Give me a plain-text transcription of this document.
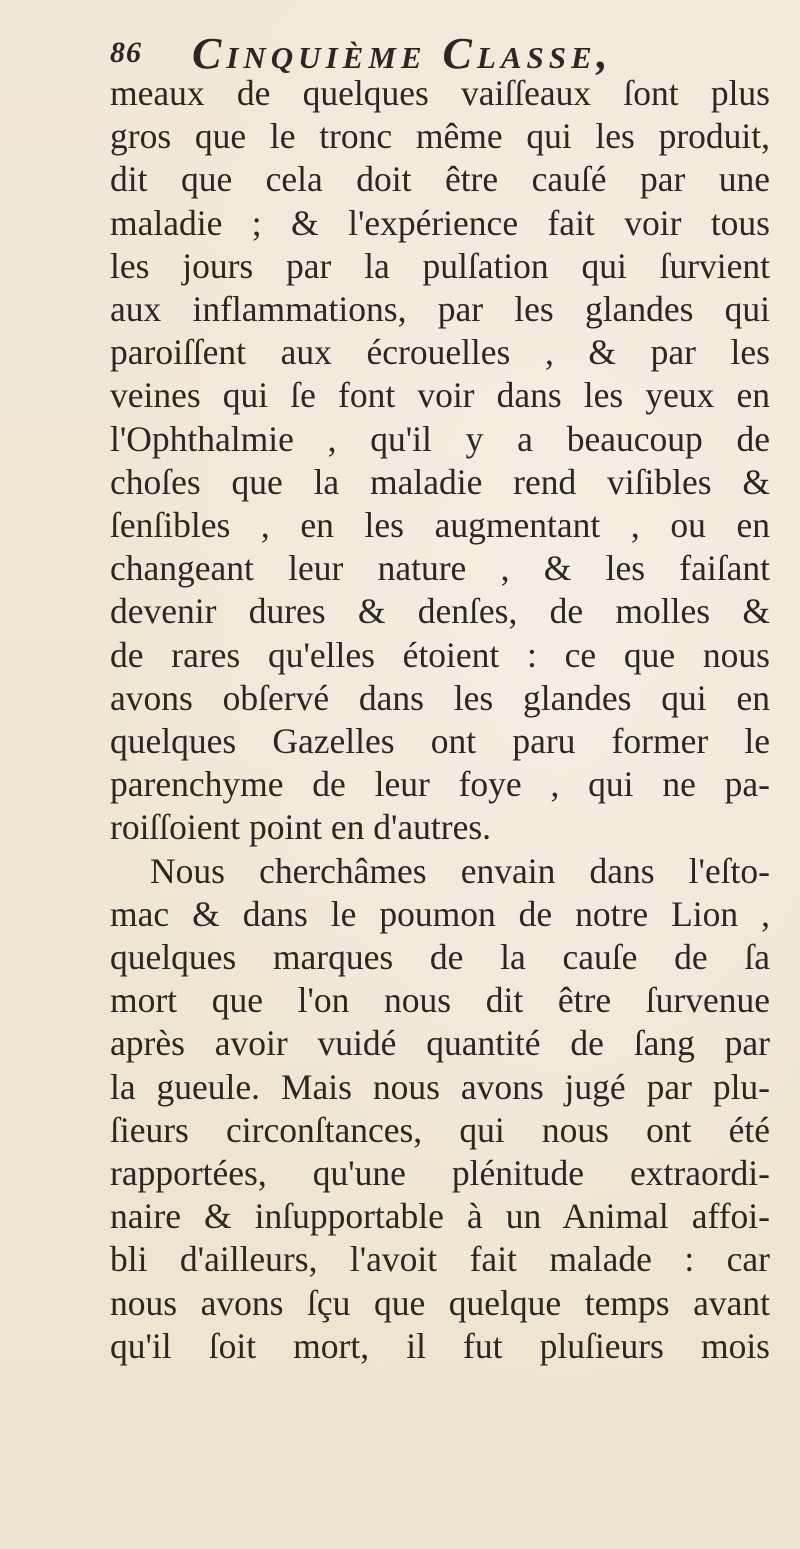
86 Cinquième Classe,
meaux de quelques vaiſſeaux ſont plus
gros que le tronc même qui les produit,
dit que cela doit être cauſé par une
maladie ; & l'expérience fait voir tous
les jours par la pulſation qui ſurvient
aux inflammations, par les glandes qui
paroiſſent aux écrouelles , & par les
veines qui ſe font voir dans les yeux en
l'Ophthalmie , qu'il y a beaucoup de
choſes que la maladie rend viſibles &
ſenſibles , en les augmentant , ou en
changeant leur nature , & les faiſant
devenir dures & denſes, de molles &
de rares qu'elles étoient : ce que nous
avons obſervé dans les glandes qui en
quelques Gazelles ont paru former le
parenchyme de leur foye , qui ne pa-
roiſſoient point en d'autres.
Nous cherchâmes envain dans l'eſto-
mac & dans le poumon de notre Lion ,
quelques marques de la cauſe de ſa
mort que l'on nous dit être ſurvenue
après avoir vuidé quantité de ſang par
la gueule. Mais nous avons jugé par plu-
ſieurs circonſtances, qui nous ont été
rapportées, qu'une plénitude extraordi-
naire & inſupportable à un Animal affoi-
bli d'ailleurs, l'avoit fait malade : car
nous avons ſçu que quelque temps avant
qu'il ſoit mort, il fut pluſieurs mois
